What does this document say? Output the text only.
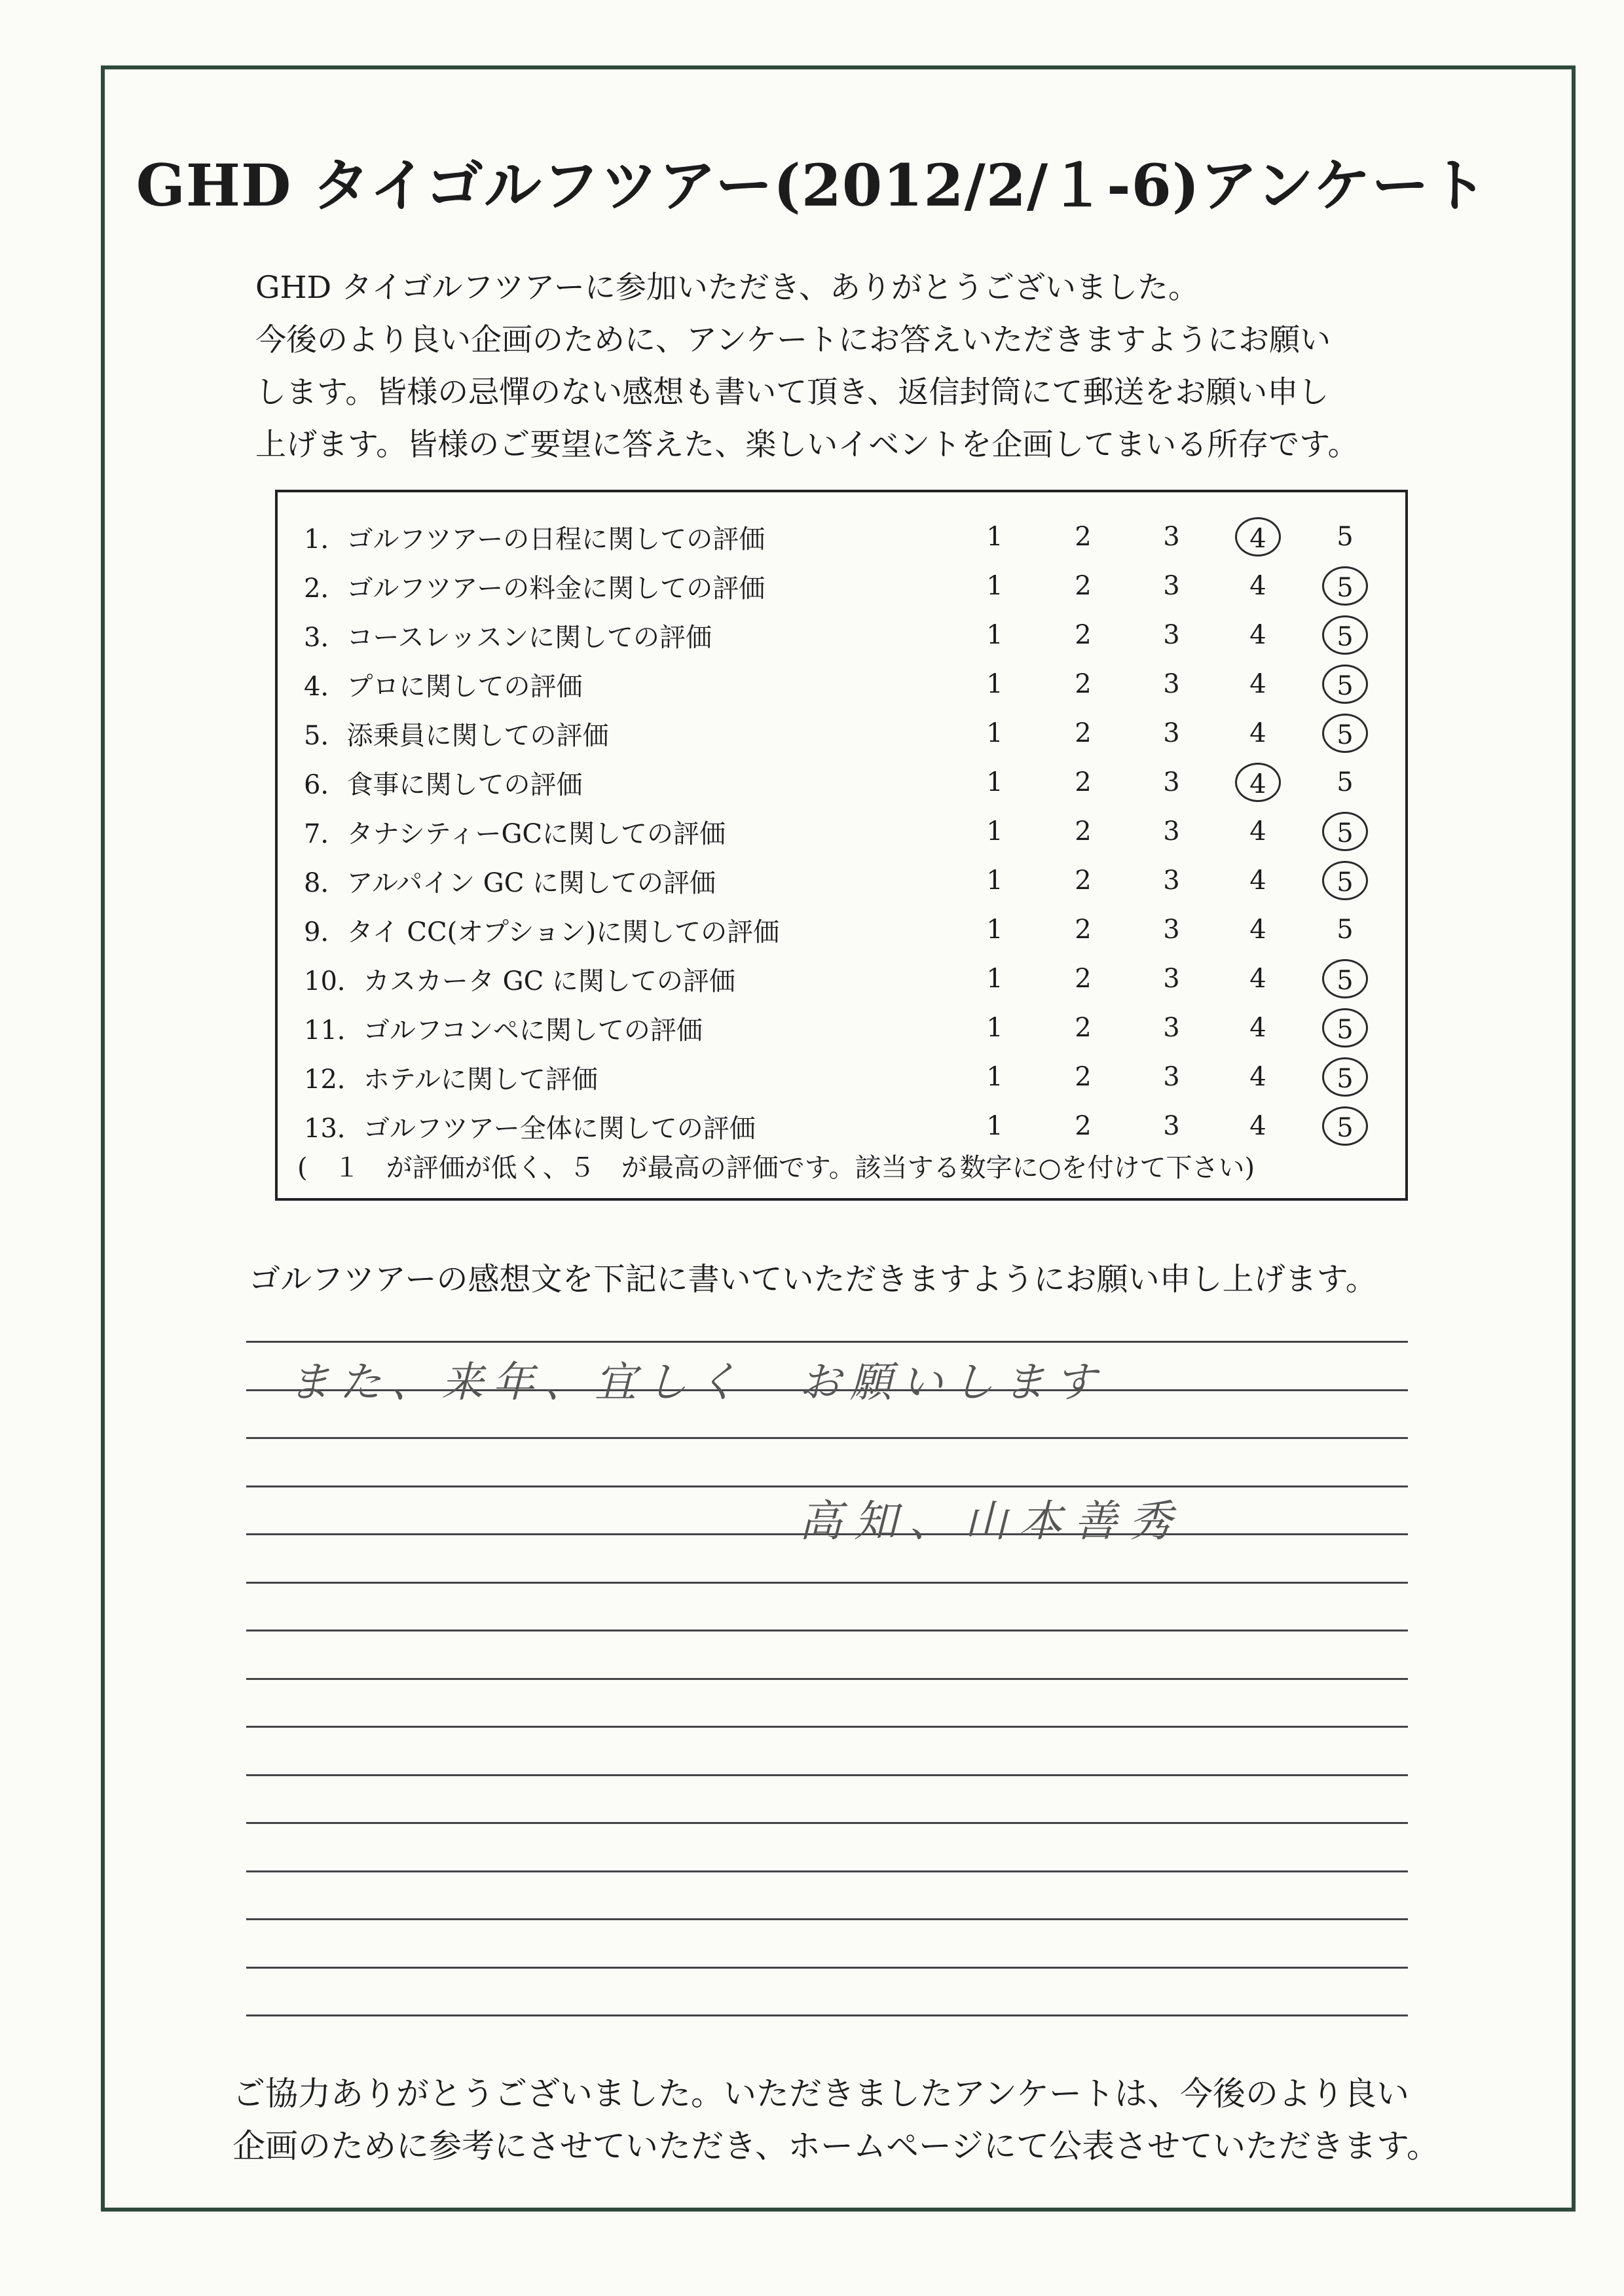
GHD タイゴルフツアー(2012/2/１-6)アンケート
GHD タイゴルフツアーに参加いただき、ありがとうございました。
今後のより良い企画のために、アンケートにお答えいただきますようにお願い
します。皆様の忌憚のない感想も書いて頂き、返信封筒にて郵送をお願い申し
上げます。皆様のご要望に答えた、楽しいイベントを企画してまいる所存です。
(　１　が評価が低く、５　が最高の評価です。該当する数字に○を付けて下さい)
1．ゴルフツアーの日程に関しての評価	1	2	3	4	5
2．ゴルフツアーの料金に関しての評価	1	2	3	4	5
3．コースレッスンに関しての評価	1	2	3	4	5
4．プロに関しての評価	1	2	3	4	5
5．添乗員に関しての評価	1	2	3	4	5
6．食事に関しての評価	1	2	3	4	5
7．タナシティーGCに関しての評価	1	2	3	4	5
8．アルパイン GC に関しての評価	1	2	3	4	5
9．タイ CC(オプション)に関しての評価	1	2	3	4	5
10．カスカータ GC に関しての評価	1	2	3	4	5
11．ゴルフコンペに関しての評価	1	2	3	4	5
12．ホテルに関して評価	1	2	3	4	5
13．ゴルフツアー全体に関しての評価	1	2	3	4	5
ゴルフツアーの感想文を下記に書いていただきますようにお願い申し上げます。
また、来年、宜しく　お願いします
高知、山本善秀
ご協力ありがとうございました。いただきましたアンケートは、今後のより良い
企画のために参考にさせていただき、ホームページにて公表させていただきます。
